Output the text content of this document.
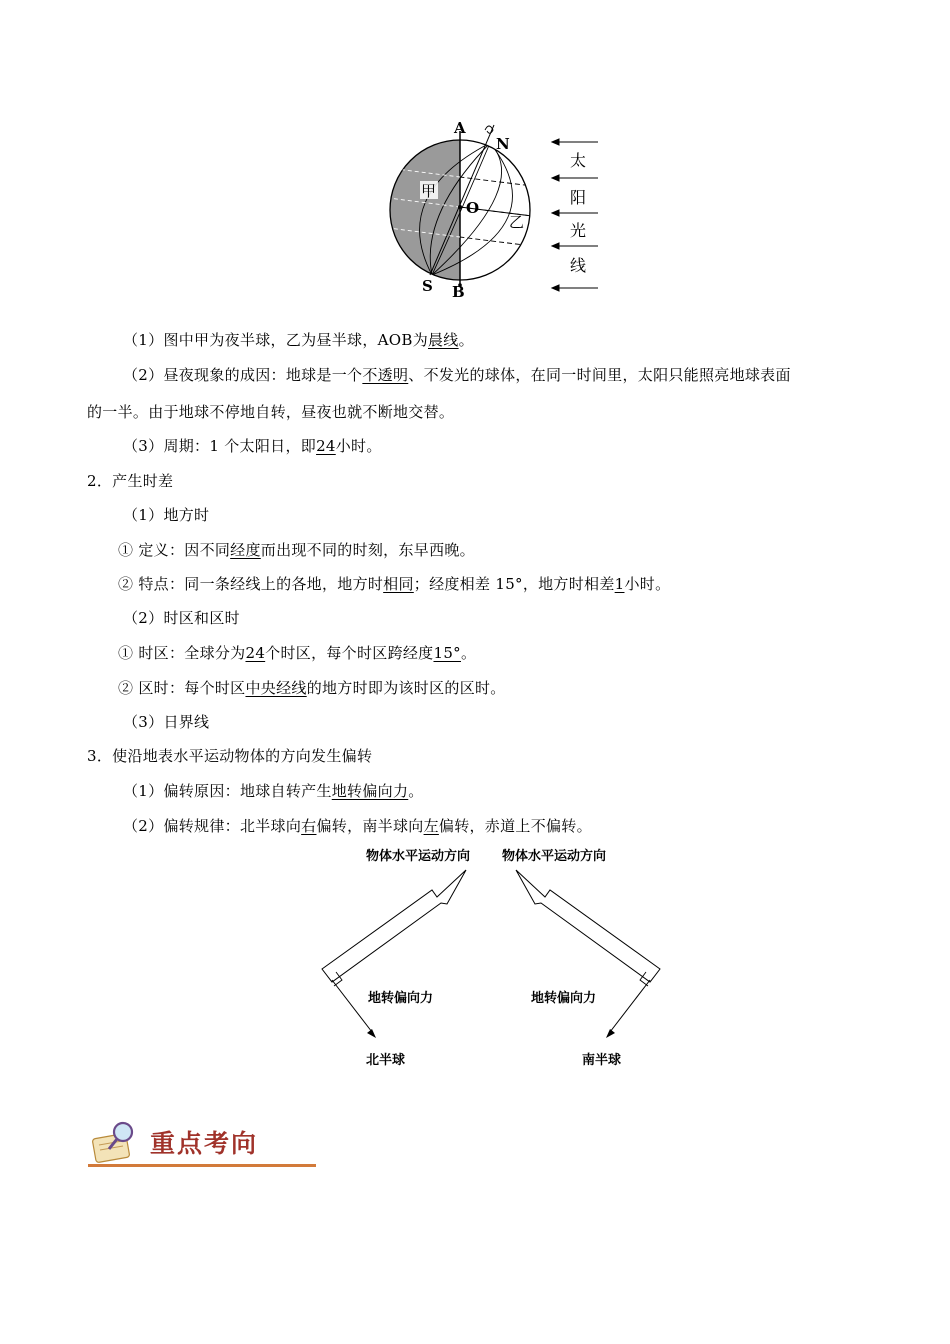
A
N
O
S B
甲
乙
太
阳
光
线
（1）图中甲为夜半球，乙为昼半球，AOB为晨线。
（2）昼夜现象的成因：地球是一个不透明、不发光的球体，在同一时间里，太阳只能照亮地球表面
的一半。由于地球不停地自转，昼夜也就不断地交替。
（3）周期：1 个太阳日，即24小时。
2．产生时差
（1）地方时
① 定义：因不同经度而出现不同的时刻，东早西晚。
② 特点：同一条经线上的各地，地方时相同；经度相差 15°，地方时相差1小时。
（2）时区和区时
① 时区：全球分为24个时区，每个时区跨经度15°。
② 区时：每个时区中央经线的地方时即为该时区的区时。
（3）日界线
3．使沿地表水平运动物体的方向发生偏转
（1）偏转原因：地球自转产生地转偏向力。
（2）偏转规律：北半球向右偏转，南半球向左偏转，赤道上不偏转。
物体水平运动方向 物体水平运动方向
地转偏向力	地转偏向力
北半球	南半球
重点考向
